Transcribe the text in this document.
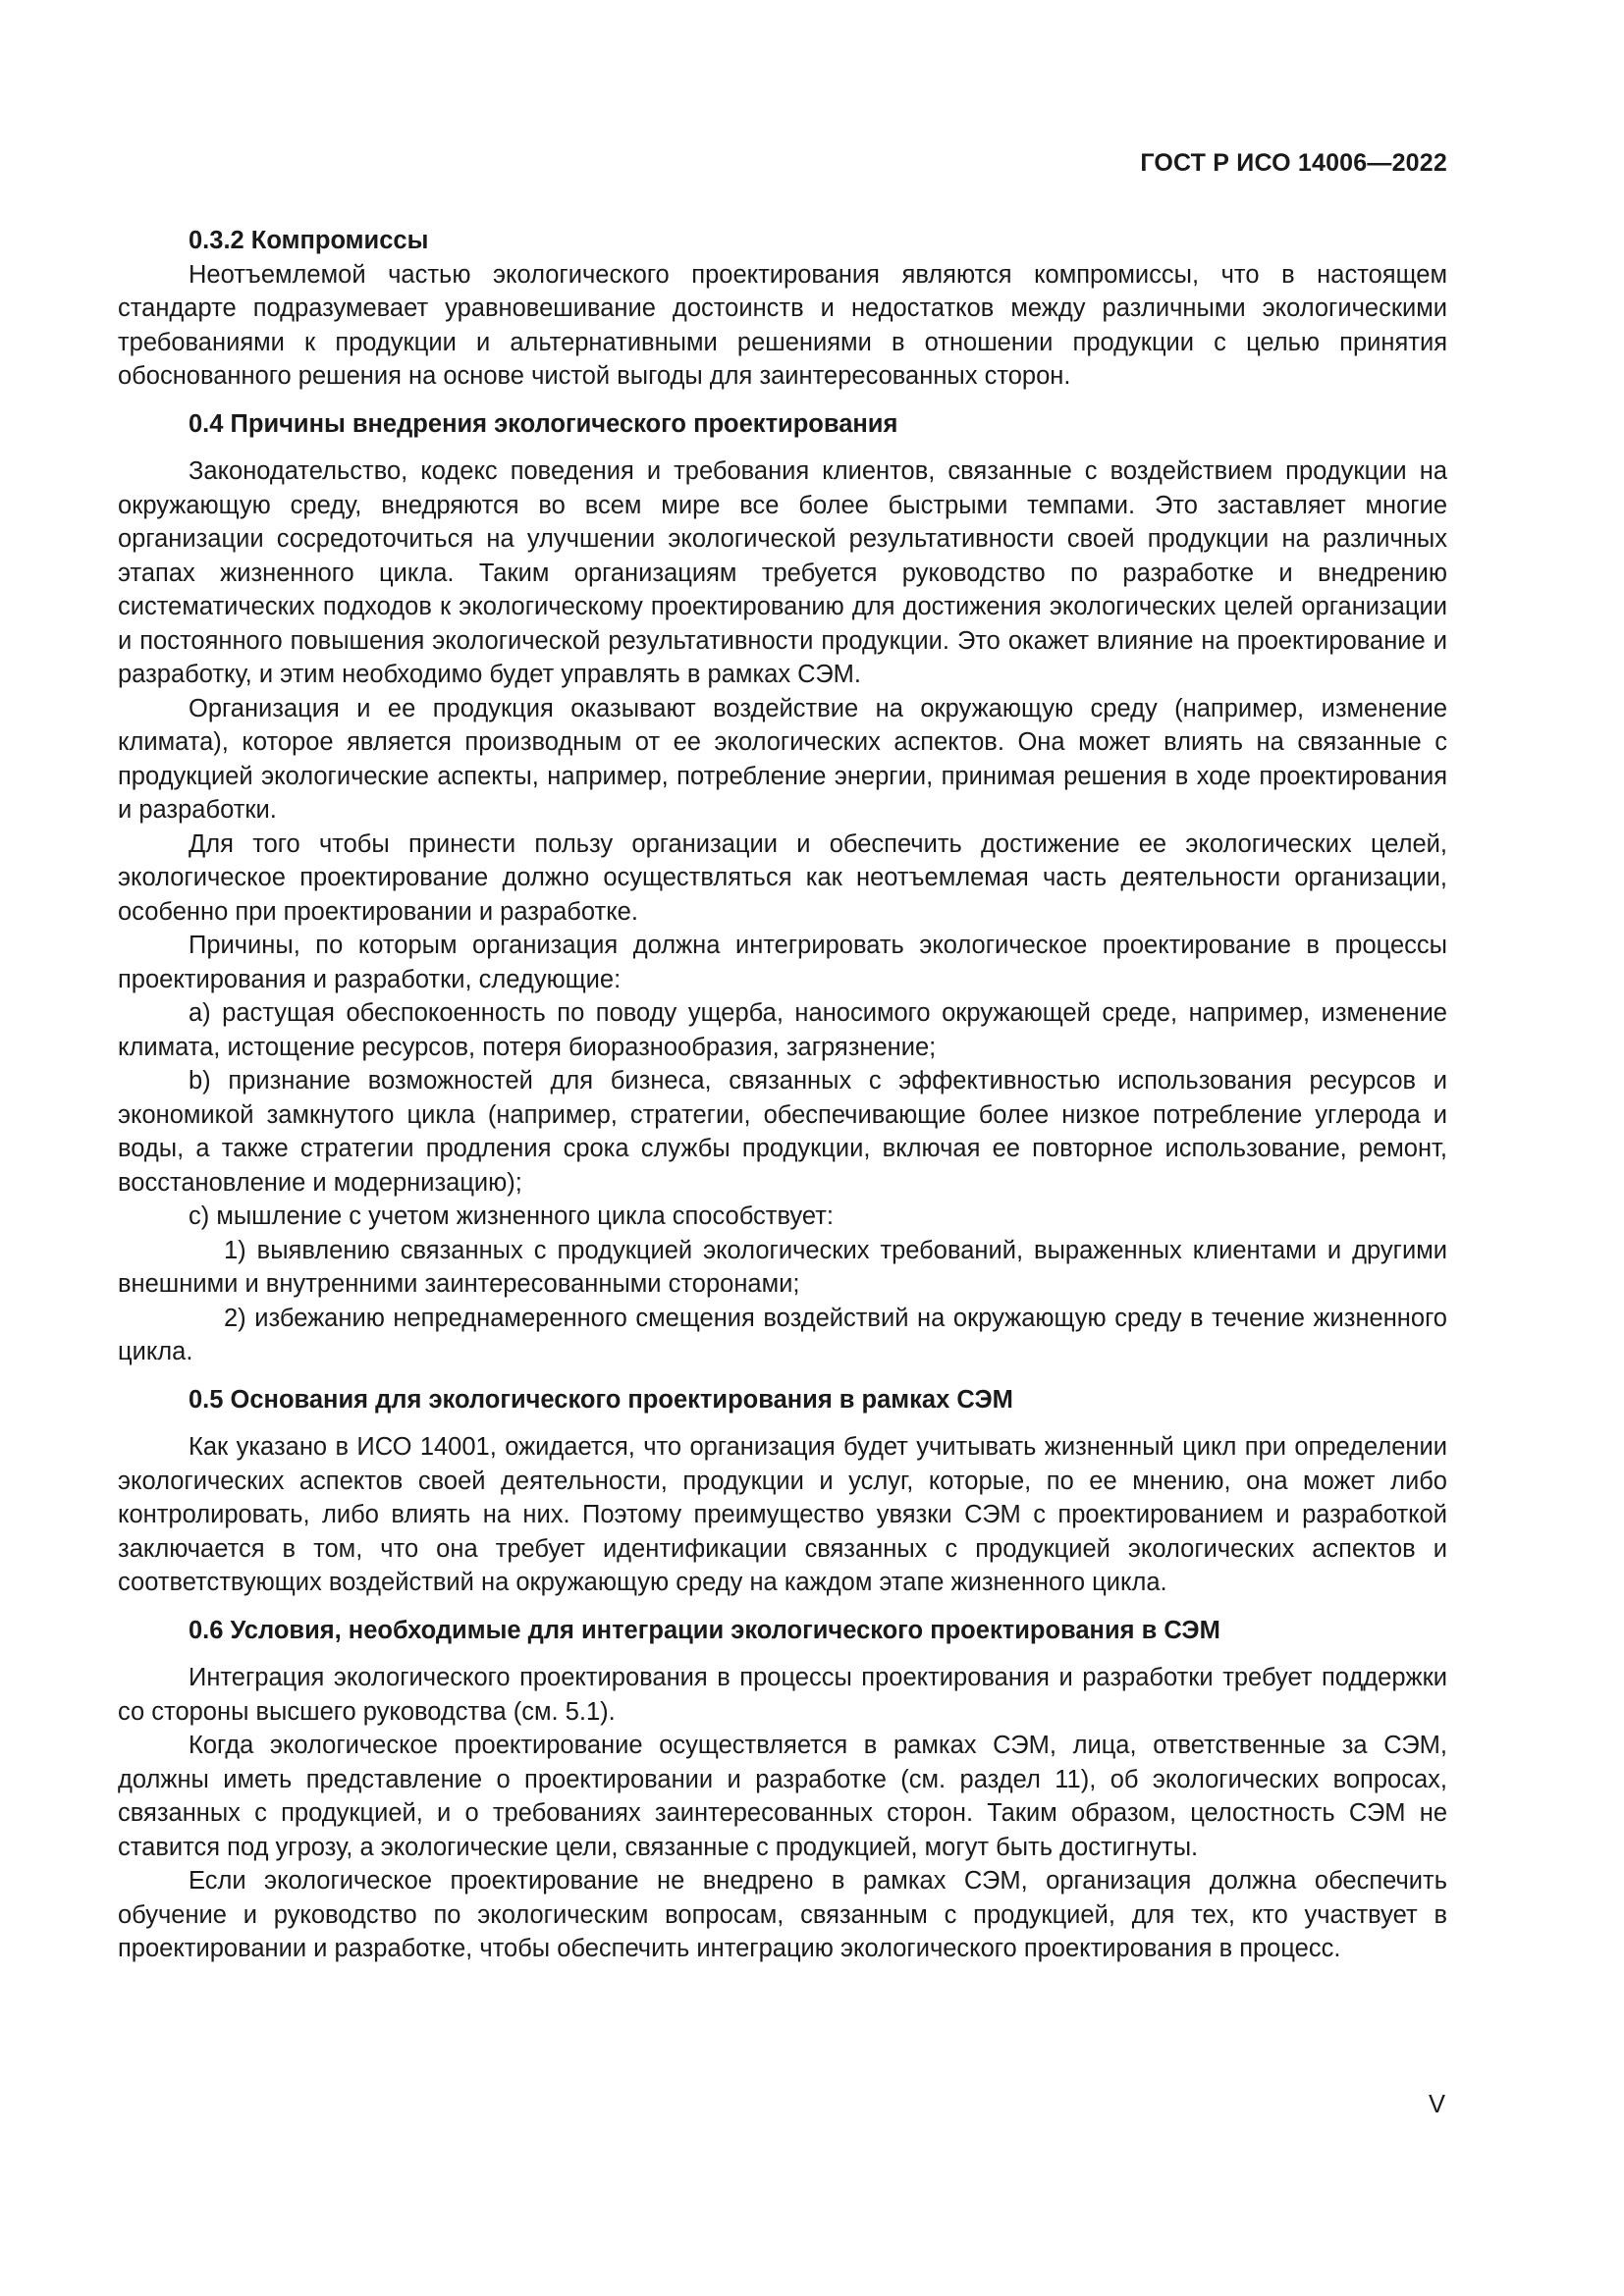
ГОСТ Р ИСО 14006—2022
0.3.2 Компромиссы

Неотъемлемой частью экологического проектирования являются компромиссы, что в настоящем стандарте подразумевает уравновешивание достоинств и недостатков между различными экологическими требованиями к продукции и альтернативными решениями в отношении продукции с целью принятия обоснованного решения на основе чистой выгоды для заинтересованных сторон.

0.4 Причины внедрения экологического проектирования

Законодательство, кодекс поведения и требования клиентов, связанные с воздействием продукции на окружающую среду, внедряются во всем мире все более быстрыми темпами. Это заставляет многие организации сосредоточиться на улучшении экологической результативности своей продукции на различных этапах жизненного цикла. Таким организациям требуется руководство по разработке и внедрению систематических подходов к экологическому проектированию для достижения экологических целей организации и постоянного повышения экологической результативности продукции. Это окажет влияние на проектирование и разработку, и этим необходимо будет управлять в рамках СЭМ.

Организация и ее продукция оказывают воздействие на окружающую среду (например, изменение климата), которое является производным от ее экологических аспектов. Она может влиять на связанные с продукцией экологические аспекты, например, потребление энергии, принимая решения в ходе проектирования и разработки.

Для того чтобы принести пользу организации и обеспечить достижение ее экологических целей, экологическое проектирование должно осуществляться как неотъемлемая часть деятельности организации, особенно при проектировании и разработке.

Причины, по которым организация должна интегрировать экологическое проектирование в процессы проектирования и разработки, следующие:

а) растущая обеспокоенность по поводу ущерба, наносимого окружающей среде, например, изменение климата, истощение ресурсов, потеря биоразнообразия, загрязнение;

b) признание возможностей для бизнеса, связанных с эффективностью использования ресурсов и экономикой замкнутого цикла (например, стратегии, обеспечивающие более низкое потребление углерода и воды, а также стратегии продления срока службы продукции, включая ее повторное использование, ремонт, восстановление и модернизацию);

с) мышление с учетом жизненного цикла способствует:

1) выявлению связанных с продукцией экологических требований, выраженных клиентами и другими внешними и внутренними заинтересованными сторонами;

2) избежанию непреднамеренного смещения воздействий на окружающую среду в течение жизненного цикла.

0.5 Основания для экологического проектирования в рамках СЭМ

Как указано в ИСО 14001, ожидается, что организация будет учитывать жизненный цикл при определении экологических аспектов своей деятельности, продукции и услуг, которые, по ее мнению, она может либо контролировать, либо влиять на них. Поэтому преимущество увязки СЭМ с проектированием и разработкой заключается в том, что она требует идентификации связанных с продукцией экологических аспектов и соответствующих воздействий на окружающую среду на каждом этапе жизненного цикла.

0.6 Условия, необходимые для интеграции экологического проектирования в СЭМ

Интеграция экологического проектирования в процессы проектирования и разработки требует поддержки со стороны высшего руководства (см. 5.1).

Когда экологическое проектирование осуществляется в рамках СЭМ, лица, ответственные за СЭМ, должны иметь представление о проектировании и разработке (см. раздел 11), об экологических вопросах, связанных с продукцией, и о требованиях заинтересованных сторон. Таким образом, целостность СЭМ не ставится под угрозу, а экологические цели, связанные с продукцией, могут быть достигнуты.

Если экологическое проектирование не внедрено в рамках СЭМ, организация должна обеспечить обучение и руководство по экологическим вопросам, связанным с продукцией, для тех, кто участвует в проектировании и разработке, чтобы обеспечить интеграцию экологического проектирования в процесс.

V
